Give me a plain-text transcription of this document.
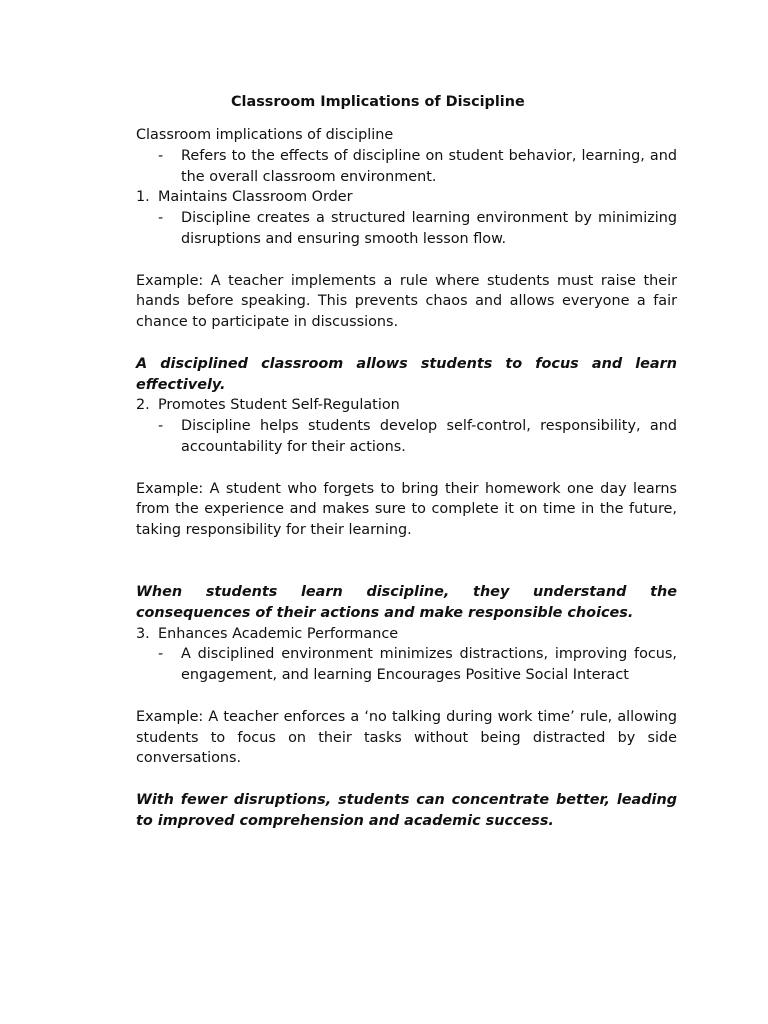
Classroom Implications of Discipline

Classroom implications of discipline

-	Refers to the effects of discipline on student behavior, learning, and the overall classroom environment.
1. Maintains Classroom Order
-	Discipline creates a structured learning environment by minimizing disruptions and ensuring smooth lesson flow.

Example: A teacher implements a rule where students must raise their hands before speaking. This prevents chaos and allows everyone a fair chance to participate in discussions.

A disciplined classroom allows students to focus and learn effectively.

2. Promotes Student Self-Regulation
-	Discipline helps students develop self-control, responsibility, and accountability for their actions.

Example: A student who forgets to bring their homework one day learns from the experience and makes sure to complete it on time in the future, taking responsibility for their learning.

When students learn discipline, they understand the consequences of their actions and make responsible choices.

3. Enhances Academic Performance
-	A disciplined environment minimizes distractions, improving focus, engagement, and learning Encourages Positive Social Interact

Example: A teacher enforces a ‘no talking during work time’ rule, allowing students to focus on their tasks without being distracted by side conversations.

With fewer disruptions, students can concentrate better, leading to improved comprehension and academic success.
